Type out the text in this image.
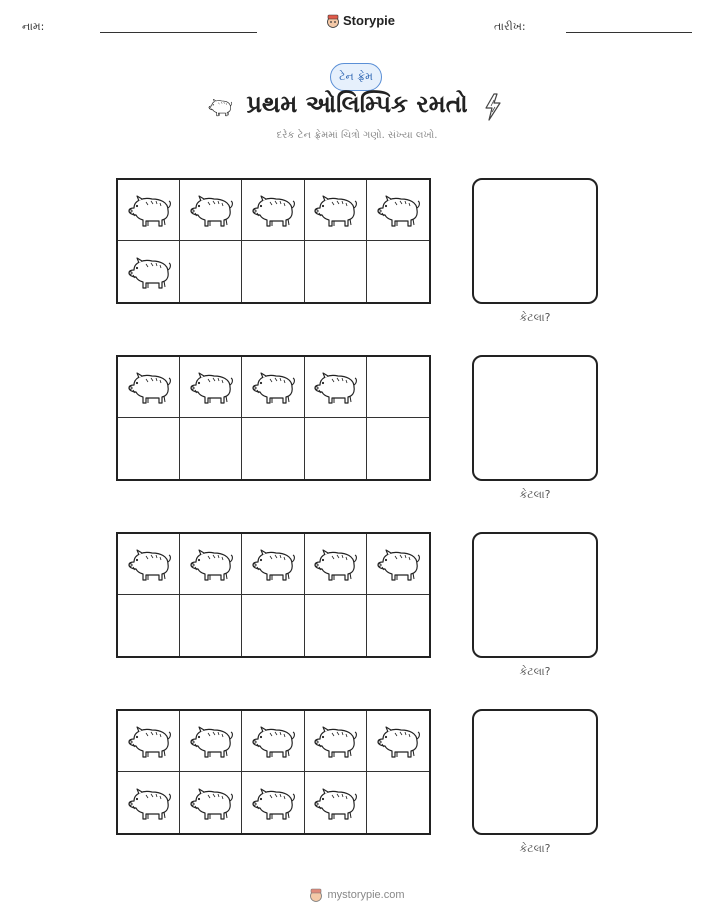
નામ:	Storypie	તારીખ:
ટેન ફ્રેમ
પ્રથમ ઓલિમ્પિક રમતો
દરેક ટેન ફ્રેમમાં ચિત્રો ગણો. સંખ્યા લખો.
કેટલા?
કેટલા?
કેટલા?
કેટલા?
mystorypie.com
